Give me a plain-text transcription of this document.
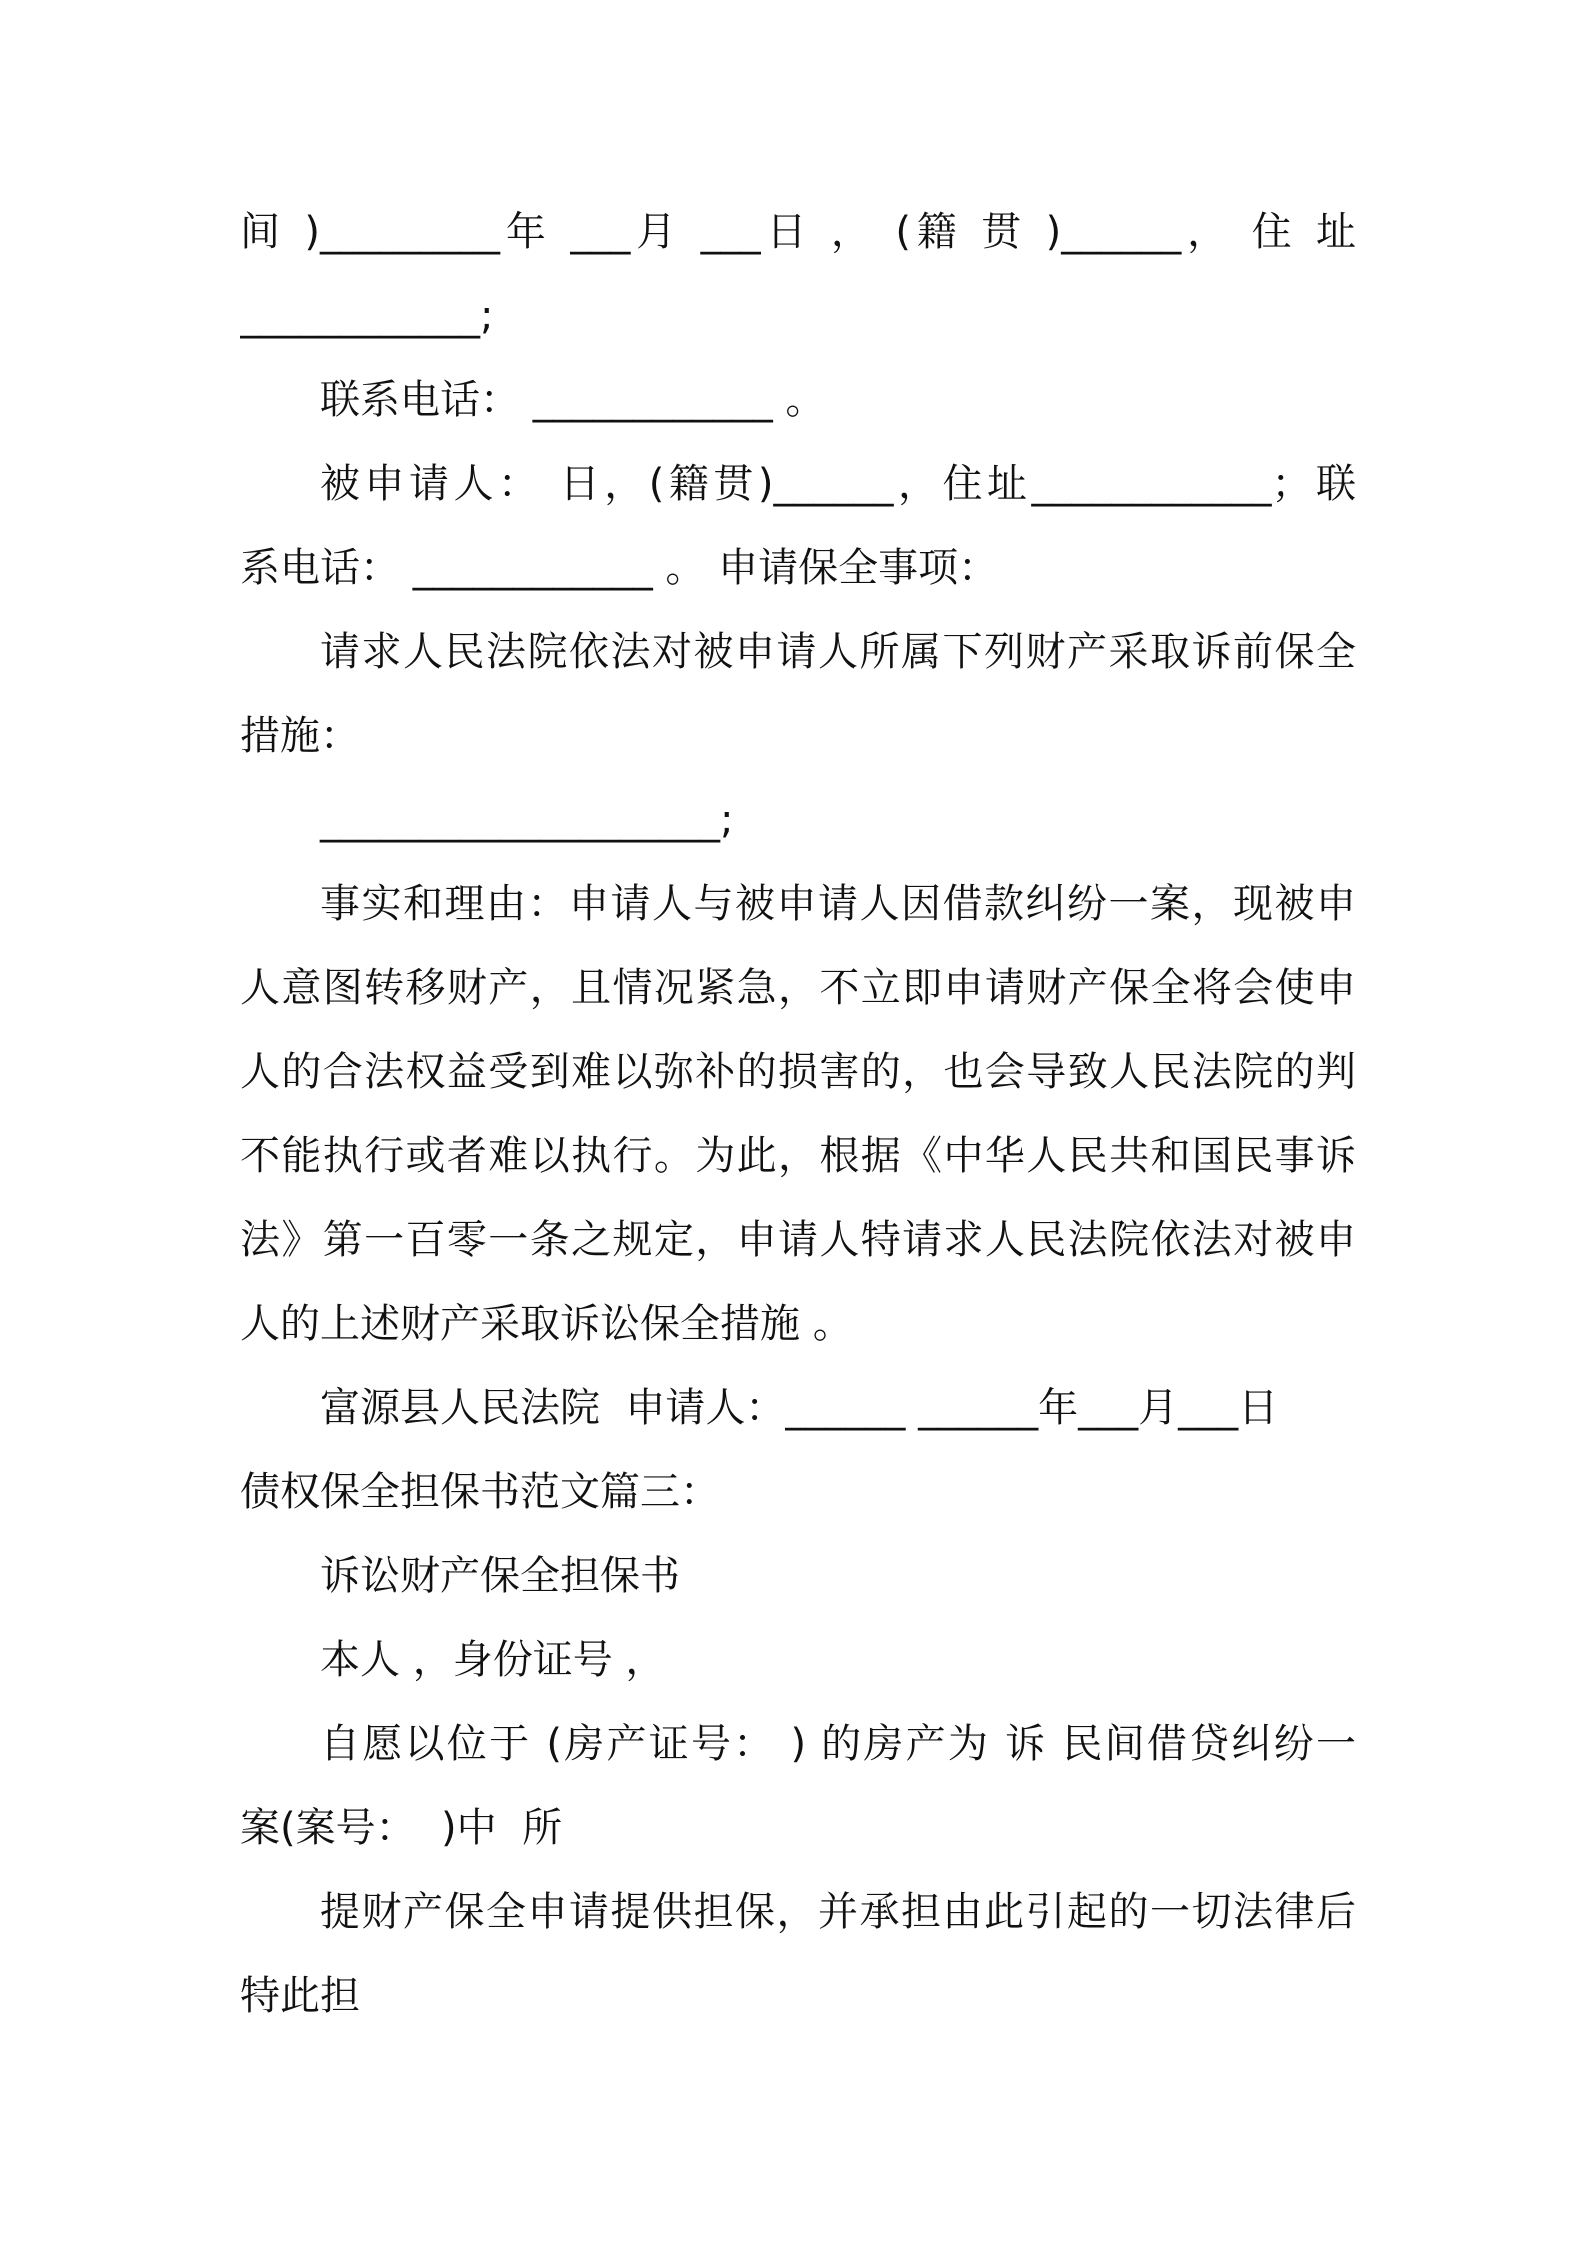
间 )_________年 ___月 ___日 ， (籍 贯 )______， 住 址
____________;
联系电话： ____________ 。
被申请人： 日，(籍贯)______，住址____________；联
系电话： ____________ 。 申请保全事项：
请求人民法院依法对被申请人所属下列财产采取诉前保全
措施：
____________________;
事实和理由：申请人与被申请人因借款纠纷一案，现被申
人意图转移财产，且情况紧急，不立即申请财产保全将会使申
人的合法权益受到难以弥补的损害的，也会导致人民法院的判
不能执行或者难以执行。为此，根据《中华人民共和国民事诉
法》第一百零一条之规定，申请人特请求人民法院依法对被申
人的上述财产采取诉讼保全措施 。
富源县人民法院  申请人：______ ______年___月___日
债权保全担保书范文篇三：
诉讼财产保全担保书
本人 ，身份证号 ，
自愿以位于 (房产证号： ) 的房产为 诉 民间借贷纠纷一
案(案号：  )中  所
提财产保全申请提供担保，并承担由此引起的一切法律后
特此担
